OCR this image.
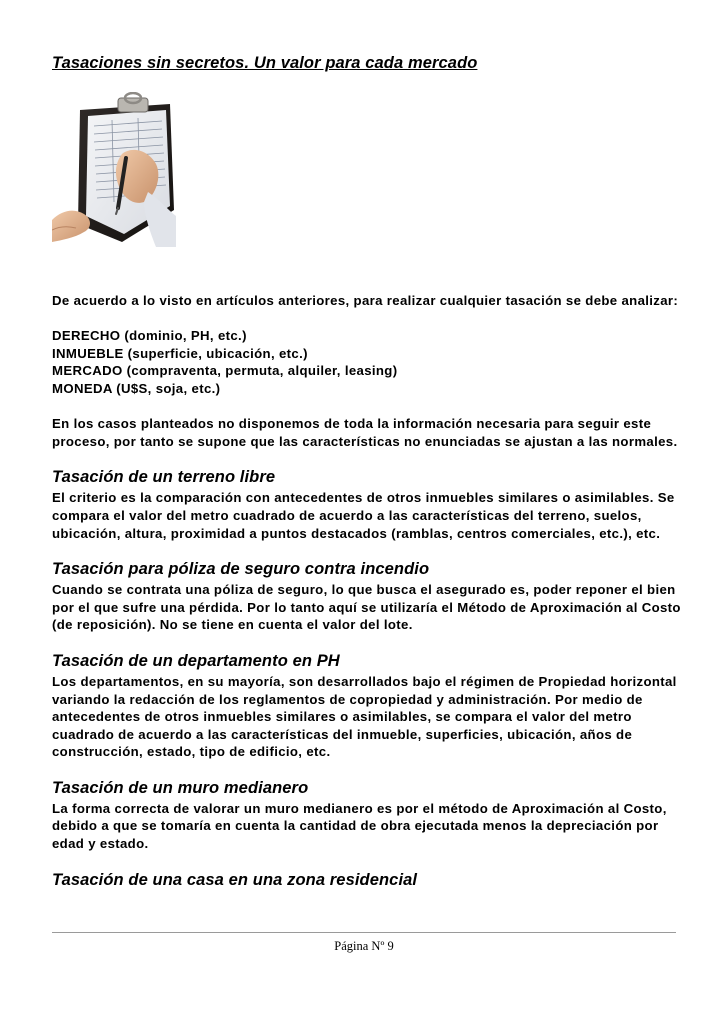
Tasaciones sin secretos. Un valor para cada mercado

De acuerdo a lo visto en artículos anteriores, para realizar cualquier tasación se debe analizar:

DERECHO (dominio, PH, etc.)

INMUEBLE (superficie, ubicación, etc.)

MERCADO (compraventa, permuta, alquiler, leasing)

MONEDA (U$S, soja, etc.)

En los casos planteados no disponemos de toda la información necesaria para seguir este proceso, por tanto se supone que las características no enunciadas se ajustan a las normales.

Tasación de un terreno libre

El criterio es la comparación con antecedentes de otros inmuebles similares o asimilables. Se compara el valor del metro cuadrado de acuerdo a las características del terreno, suelos, ubicación, altura, proximidad a puntos destacados (ramblas, centros comerciales, etc.), etc.

Tasación para póliza de seguro contra incendio

Cuando se contrata una póliza de seguro, lo que busca el asegurado es, poder reponer el bien por el que sufre una pérdida. Por lo tanto aquí se utilizaría el Método de Aproximación al Costo (de reposición). No se tiene en cuenta el valor del lote.

Tasación de un departamento en PH

Los departamentos, en su mayoría, son desarrollados bajo el régimen de Propiedad horizontal variando la redacción de los reglamentos de copropiedad y administración. Por medio de antecedentes de otros inmuebles similares o asimilables, se compara el valor del metro cuadrado de acuerdo a las características del inmueble, superficies, ubicación, años de construcción, estado, tipo de edificio, etc.

Tasación de un muro medianero

La forma correcta de valorar un muro medianero es por el método de Aproximación al Costo, debido a que se tomaría en cuenta la cantidad de obra ejecutada menos la depreciación por edad y estado.

Tasación de una casa en una zona residencial
Página Nº 9
